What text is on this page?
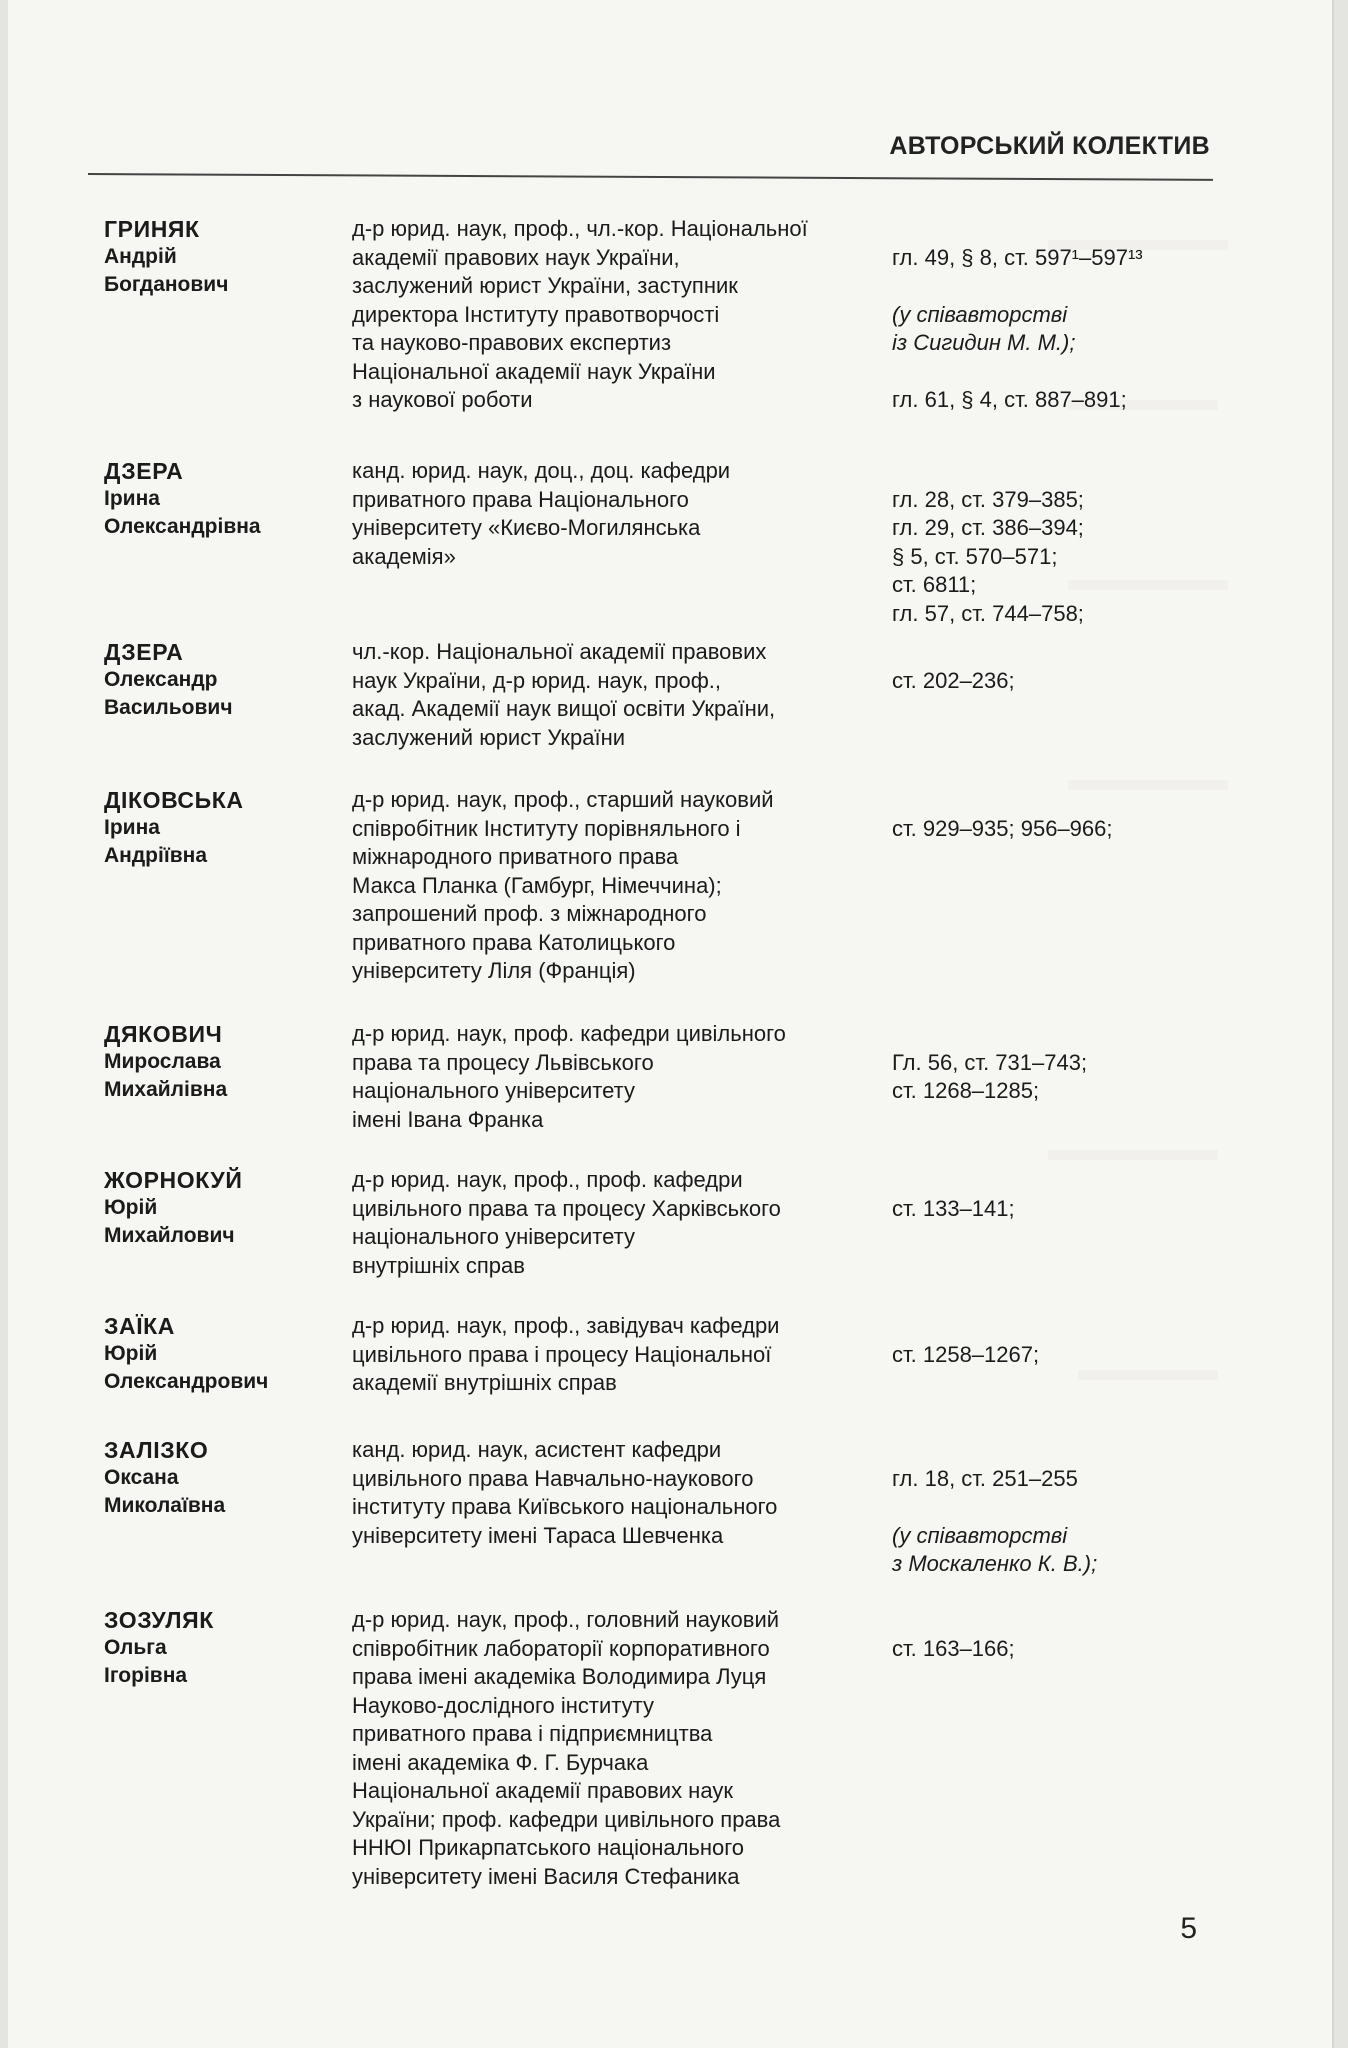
АВТОРСЬКИЙ КОЛЕКТИВ
ГРИНЯК
Андрій
Богданович
д-р юрид. наук, проф., чл.-кор. Національної
академії правових наук України,
заслужений юрист України, заступник
директора Інституту правотворчості
та науково-правових експертиз
Національної академії наук України
з наукової роботи

гл. 49, § 8, ст. 597¹–597¹³

(у співавторстві
із Сигидин М. М.);

гл. 61, § 4, ст. 887–891;

ДЗЕРА
Ірина
Олександрівна
канд. юрид. наук, доц., доц. кафедри
приватного права Національного
університету «Києво-Могилянська
академія»

гл. 28, ст. 379–385;
гл. 29, ст. 386–394;
§ 5, ст. 570–571;
ст. 6811;
гл. 57, ст. 744–758;

ДЗЕРА
Олександр
Васильович
чл.-кор. Національної академії правових
наук України, д-р юрид. наук, проф.,
акад. Академії наук вищої освіти України,
заслужений юрист України

ст. 202–236;

ДІКОВСЬКА
Ірина
Андріївна
д-р юрид. наук, проф., старший науковий
співробітник Інституту порівняльного і
міжнародного приватного права
Макса Планка (Гамбург, Німеччина);
запрошений проф. з міжнародного
приватного права Католицького
університету Ліля (Франція)

ст. 929–935; 956–966;

ДЯКОВИЧ
Мирослава
Михайлівна
д-р юрид. наук, проф. кафедри цивільного
права та процесу Львівського
національного університету
імені Івана Франка

Гл. 56, ст. 731–743;
ст. 1268–1285;

ЖОРНОКУЙ
Юрій
Михайлович
д-р юрид. наук, проф., проф. кафедри
цивільного права та процесу Харківського
національного університету
внутрішніх справ

ст. 133–141;

ЗАЇКА
Юрій
Олександрович
д-р юрид. наук, проф., завідувач кафедри
цивільного права і процесу Національної
академії внутрішніх справ

ст. 1258–1267;

ЗАЛІЗКО
Оксана
Миколаївна
канд. юрид. наук, асистент кафедри
цивільного права Навчально-наукового
інституту права Київського національного
університету імені Тараса Шевченка

гл. 18, ст. 251–255

(у співавторстві
з Москаленко К. В.);

ЗОЗУЛЯК
Ольга
Ігорівна
д-р юрид. наук, проф., головний науковий
співробітник лабораторії корпоративного
права імені академіка Володимира Луця
Науково-дослідного інституту
приватного права і підприємництва
імені академіка Ф. Г. Бурчака
Національної академії правових наук
України; проф. кафедри цивільного права
ННЮІ Прикарпатського національного
університету імені Василя Стефаника

ст. 163–166;

5
